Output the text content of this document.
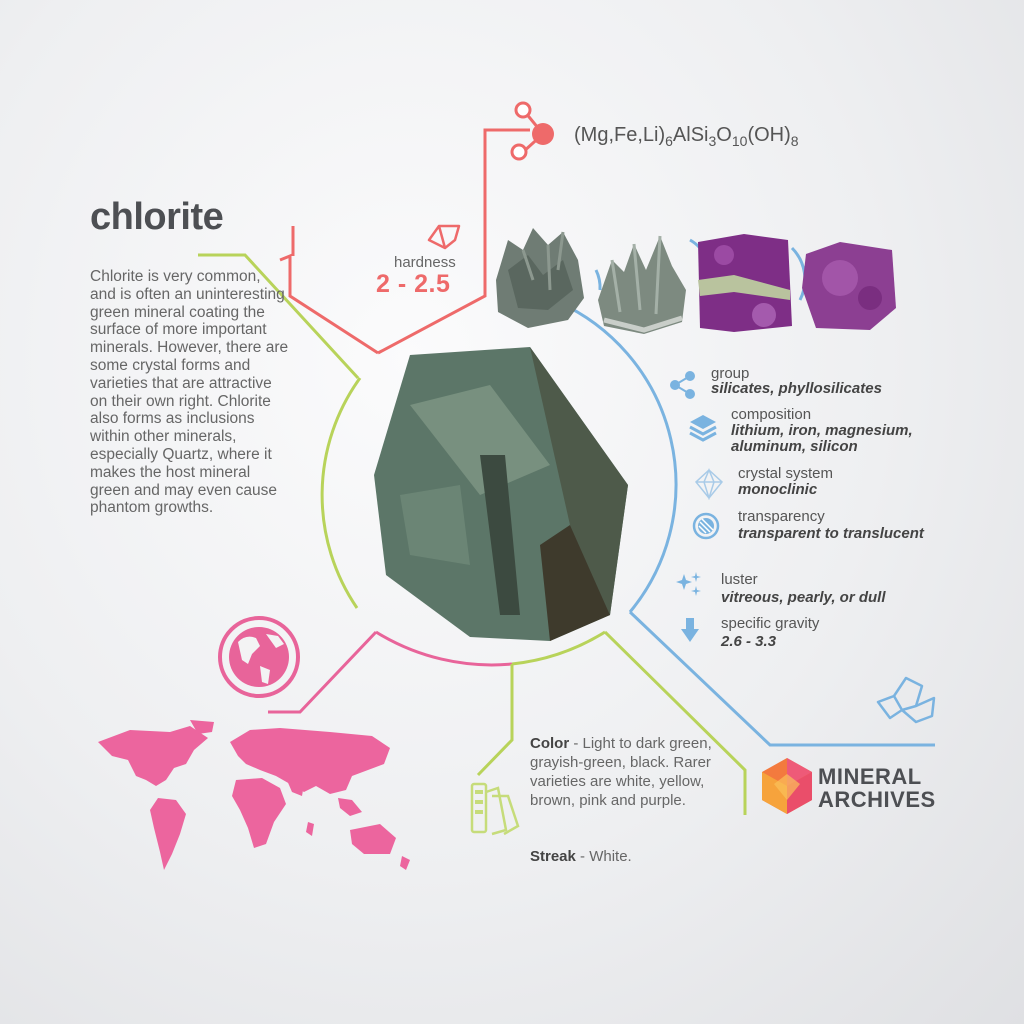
chlorite
Chlorite is very common, and is often an uninteresting green mineral coating the surface of more important minerals. However, there are some crystal forms and varieties that are attractive on their own right. Chlorite also forms as inclusions within other minerals, especially Quartz, where it makes the host mineral green and may even cause phantom growths.
$(Mg,Fe,Li)_6AlSi_3O_{10}(OH)_8$
hardness
2 - 2.5
group
silicates, phyllosilicates
composition
lithium, iron, magnesium,
aluminum, silicon
crystal system
monoclinic
transparency
transparent to translucent
luster
vitreous, pearly, or dull
specific gravity
2.6 - 3.3
Color - Light to dark green, grayish-green, black. Rarer varieties are white, yellow, brown, pink and purple.
Streak - White.
MINERAL
ARCHIVES
